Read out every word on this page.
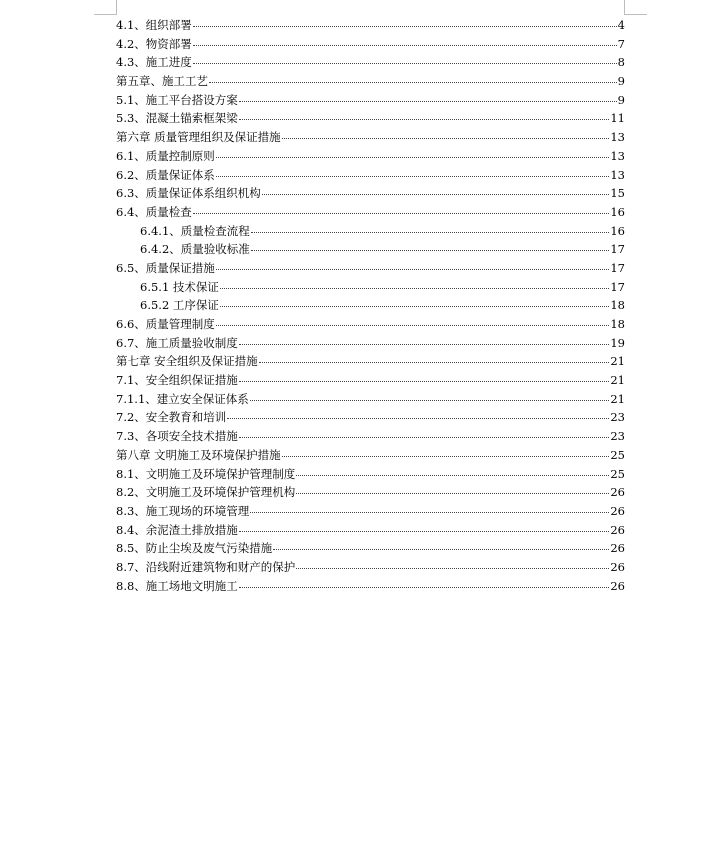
4.1、组织部署	4
4.2、物资部署	7
4.3、施工进度	8
第五章、施工工艺	9
5.1、施工平台搭设方案	9
5.3、混凝土锚索框架梁	11
第六章 质量管理组织及保证措施	13
6.1、质量控制原则	13
6.2、质量保证体系	13
6.3、质量保证体系组织机构	15
6.4、质量检查	16
6.4.1、质量检查流程	16
6.4.2、质量验收标准	17
6.5、质量保证措施	17
6.5.1 技术保证	17
6.5.2 工序保证	18
6.6、质量管理制度	18
6.7、施工质量验收制度	19
第七章 安全组织及保证措施	21
7.1、安全组织保证措施	21
7.1.1、建立安全保证体系	21
7.2、安全教育和培训	23
7.3、各项安全技术措施	23
第八章 文明施工及环境保护措施	25
8.1、文明施工及环境保护管理制度	25
8.2、文明施工及环境保护管理机构	26
8.3、施工现场的环境管理	26
8.4、余泥渣土排放措施	26
8.5、防止尘埃及废气污染措施	26
8.7、沿线附近建筑物和财产的保护	26
8.8、施工场地文明施工	26
